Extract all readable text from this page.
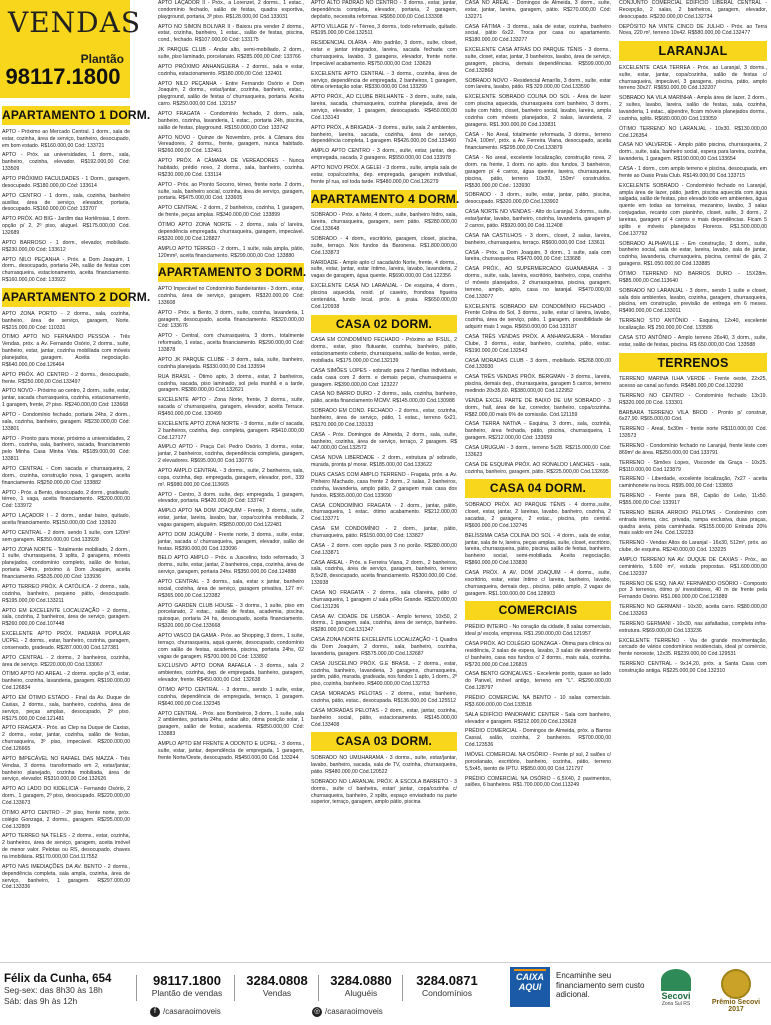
VENDAS
Plantão
98117.1800
APARTAMENTO 1 DORM.
APTO - Próximo ao Mercado Central. 1 dorm., sala de estar, cozinha, área de serviço, banheiro, desocupado, em bom estado. R$160.000,00 Cód: 133721
APTO - Próx. as universidades, 1 dorm., sala, banheiro, cozinha, elevador. R$192.000,00 Cód: 133509
APTO PRÓXIMO FACULDADES - 1 Dorm., garagem, desocupado. R$180.000,00 Cód: 133614
APTO CENTRO - 1 dorm., sala, cozinha, banheiro auxiliar, área de serviço, elevador, portaria, desocupado. R$160.000,00 Cód: 133707
APTO PRÓX. AO BIG - Jardim das Hortênsias, 1 dorm. opção p/ 2, 2º piso, aluguel. R$175.000,00 Cód. 132689
APTO BARROSO - 1 dorm., elevador, mobiliado. R$230.000,00 Cód: 133612
APTO NILO PEÇANHA - Próx. a Dom Joaquim, 1 dorm., desocupado, portaria 24h, salão de festas com churrasqueira, estacionamento, aceita financiamento. R$160.000,00 Cód: 133922
APARTAMENTO 2 DORM.
APTO ZONA PORTO - 2 dorms., sala, cozinha, banheiro, área de serviço, garagem, Norte. R$215.000,00 Cód: 110331
ÓTIMO APTO NO FERNANDO PESSOA - Três Vendas, próx. a Av. Fernando Osório, 2 dorms., suíte, banheiro, estar, jantar, cozinha mobiliada com móveis planejados, garagem. Aceita negociação. R$640.000,00 Cód.126464
APTO PRÓX. AO CENTRO - 2 dorms., desocupado, frente. R$250.000,00 Cód.133497
APTO NOVO - Próximo ao centro, 2 dorm., suíte, estar, jantar, sacada churrasqueira, cozinha, estacionamento, 1 garagem, frente, 2º piso. R$240.000,00 Cód: 133668
APTO - Condomínio fechado, portaria 24hs, 2 dorm., sala, cozinha, banheiro, garagem. R$230.000,00 Cód: 133801
APTO - Pronto para morar, próximo a universidades, 2 dorm., cozinha, sala, banheiro, sacada, financiamento pelo Minha Casa Minha Vida. R$189.000,00 Cód: 133811
APTO CENTRAL - Com sacada e churrasqueira, 2 dorm., cozinha, construção nova, 1 garagem, aceita financiamento. R$250.000,00 Cód: 133882
APTO - Próx. a Bento, desocupado, 2 dorm., gradeado, térreo, 1 vaga, aceita financiamento. R$200.000,00 Cód: 133972
APTO LAÇADOR I - 2 dorm., andar baixo, quitado, aceita financiamento. R$150.000,00 Cód: 133920
APTO CENTRAL - 2 dorm. sendo 1 suíte, com 120m² sem garagem. R$350.000,00 Cód.133928
APTO ZONA NORTE - Totalmente mobiliado, 2 dorm., 1 suíte, churrasqueira, 3 splits, 2 garagens, móveis planejados, condomínio completo, salão de festas, portaria 24hrs, próximo à Dom Joaquim, aceita financiamento. R$535.000,00 Cód: 133936
APTO TERREO PRÓX. À CATÓLICA - 2 dorms., sala, cozinha, banheiro, pequeno pátio, desocupado. R$195.000,00 Cód.133211
APTO EM EXCELENTE LOCALIZAÇÃO - 2 dorms., sala, cozinha, 2 banheiros, área de serviço, garagem. R$260.000,00 Cód.107448
EXCELENTE APTO PRÓX. PADARIA POPULAR UCPEL - 2 dorms., estar, banheiro, cozinha, garagem, conservado, gradeado. R$287.000,00 Cód.127381
APTO CENTRAL - 2 dorms., 2 banheiros, cozinha, área de serviço. R$220.000,00 Cód.133067
ÓTIMO APTO NO AREAL - 2 dorms. opção p/ 3, estar, banheiro, cozinha, lavanderia, garagem. R$190.000,00 Cód.126834
APTO EM ÓTIMO ESTADO - Final da Av. Duque de Caxias, 2 dorms., sala, banheiro, cozinha, área de serviço, peças amplas, desocupado, 2º piso. R$175.000,00 Cód.121481
APTO FRAGATA - Próx. ao Clep na Duque de Caxias, 2 dorms., estar, jantar, cozinha, salão de festas, churrasqueira, 3º piso, impecável. R$200.000,00 Cód.126665
APTO IMPECÁVEL NO RAFAEL DAS MAZZA - Três Vendas, 3 dorms. transformado em 2, estar/jantar, banheiro planejado, cozinha mobiliada, área de serviço, elevador. R$310.000,00 Cód.132626
APTO AO LADO DO KIDELICIA - Fernando Osório, 2 dorm., 1 garagem, 2º piso, desocupado. R$220.000,00 Cód.133673
ÓTIMO APTO CENTRO - 2º piso, frente norte, próx. colégio Gonzaga, 2 dorms., garagem. R$295.000,00 Cód.132809
APTO TERREO NA TELES - 2 dorms., estar, cozinha, 2 banheiros, área de serviço, garagem, aceita imóvel de menor valor. Pelotas ou RS, desocupado, chaves na imobiliária. R$170.000,00 Cód.117552
APTO NAS IMEDIAÇÕES DA AV. BENTO - 2 dorms., dependência completa, sala ampla, cozinha, área de serviço, banheiro, 1 garagem. R$297.000,00 Cód.133336
APTO LAÇADOR II - Próx., a Lorenzet, 2 dorms., 1 estac., condomínio fechado, salão de festas, quadra esportiva, playground, portaria, 3º piso. R$128.000,00 Cód.133031
APTO NO SIMON BOLIVAR II - Baixou pra vender 2 dorms., estar, cozinha, banheiro, 1 estac., salão de festas, piscina, cond., fechado. R$107.000,00 Cód: 133175
JK PARQUE CLUB - Andar alto, semi-mobiliado, 2 dorm., suíte, piso laminado, porcelanato. R$285.000,00 Cód: 133766
APTO PRÓXIMO ANHANGUERA - 2 dorms., sala e estar, cozinha, estacionamento. R$180.000,00 Cód: 132401
APTO NILO PEÇANHA - Entre Fernando Osório e Dom Joaquim, 2 dorms., estar/jantar, cozinha, banheiro, estac., playground, salão de festas c/ churrasqueira, portaria. Aceita carro. R$250.000,00 Cód. 132157
APTO FRAGATA - Condomínio fechado, 2 dorm., sala, banheiro, cozinha, lavanderia, 1 estac., portaria 24h, piscina, salão de festas, playground. R$150.000,00 Cód: 133742
APTO NOVO - Quinze de Novembro, próx. à Câmara dos Vereadores, 2 dorms., frente, garagem, nunca habitado. R$260.000,00 Cód. 132461
APTO PRÓX. A CÂMARA DE VEREADORES - Nunca habitado, prédio novo, 2 dorms., sala, banheiro, cozinha. R$230.000,00 Cód. 133114
APTO - Próx. ao Pronto Socorro, térreo, frente norte. 2 dorm., suíte, sala, banheiro social, cozinha, área de serviço, garagem, portaria. R$475.000,00 Cód. 133605
APTO CENTRAL - 2 dorm., 2 banheiros, cozinha, 1 garagem, de frente, peças amplas. R$340.000,00 Cód: 133899
ÓTIMO APTO ZONA NORTE - 2 dorms., sala c/ lareira, dependência empregada, churrasqueira, garagem, impecável. R$320.000,00 Cód.128827
AMPLO APTO TÉRREO - 2 dorm., 1 suíte, sala ampla, pátio, 120mm², aceita financiamento. R$299.000,00 Cód: 133880
APARTAMENTO 3 DORM.
APTO Impecável no Condomínio Bandeirantes - 3 dorm., estar, cozinha, área de serviço, garagem. R$320.000,00 Cód: 133608
APTO - Próx. a Bento, 3 dorm., suíte, cozinha, lavanderia, 1 garagem, desocupado, aceita financiamento. R$320.000,00 Cód: 133676
APTO - Central, com churrasqueira, 3 dorm., totalmente reformado, 1 estac., aceita financiamento. R$290.000,00 Cód: 133878
APTO JK PARQUE CLUBE - 3 dorm., sala, suíte, banheiro, cozinha planejada. R$330.000,00 Cód.133594
RUA BRASIL - Ótimo apto, 3 dorms., estar, 2 banheiros, cozinha, sacada, piso laminado, sol pela manhã e a tarde, garagem. R$380.000,00 Cód.132621
EXCELENTE APTO - Zona Norte, frente, 3 dorms., suíte, sacada c/ churrasqueira, garagem, elevador, aceita Terrace. R$450.000,00 Cód. 130499
EXCELENTE APTO ZONA NORTE - 3 dorms., suíte c/ sacada, 2 banheiros, cozinha, dep. completa, garagem. R$410.000,00 Cód.127177
AMPLO APTO - Praça Cel. Pedro Osório, 3 dorms., estar, jantar, 2 banheiros, cozinha, dependência completa, garagem, 2 elevadores. R$695.000,00 Cód.130776
APTO AMPLO CENTRAL - 3 dorms., suíte, 2 banheiros, sala, copa, cozinha, dep. empregada, garagem, elevador, port., 339 m². R$980.000,00 Cód.113665
APTO - Centro, 3 dorm. suíte, dep. empregada, 1 garagem, elevador, portaria. R$420.000,00 Cód: 133747
AMPLO APTO NA DOM JOAQUIM - Frente, 3 dorms., suíte, estar, jantar, lareira, lavabo, bar, copa/cozinha mobiliada, 2 vagas garagem, aluguém. R$850.000,00 Cód.122481
APTO DOM JOAQUIM - Frente norte, 3 dorms., suíte, estar, jantar, sacada c/ churrasqueira, garagem, elevador, salão de festas. R$390.000,00 Cód.133096
BELO APTO AMPLO - Próx. a Juscelino, todo reformado, 3 dorms., suíte, estar, jantar, 2 banheiros, copa, cozinha, área de serviço, garagem, portaria 24hs. R$350.000,00 Cód.124888
APTO CENTRAL - 3 dorms., sala, estar x jantar, banheiro social, cozinha, área de serviço, garagem privativa, 127 m². R$365.000,00 Cód.123382
APTO GARDEN CLUB HOUSE - 3 dorms., 1 suíte, piso em porcelanato, 2 estac., salão de festas, academia, piscina, quiosque, portaria 24 hs, desocupado, aceita financiamento. R$320.000,00 Cód.133668
APTO VASCO DA GAMA - Próx. ao Shopping, 3 dorm., 1 suíte, terraço, churrasqueira, aquá quente, desocupado, condomínio com salão de festas, academia, piscina, portaria 24hs, 02 vagas de garagem. R$700.000,00 Cód: 133892
EXCLUSIVO APTO DONA RAFAELA - 3 dorms., sala 2 ambientes, cozinha, dep. de empregada, banheiro, garagem, elevador, frente. R$450.000,00 Cód. 132638
ÓTIMO APTO CENTRAL - 3 dorms., sendo 1 suíte, estar, cozinha, dependência de empregada, terraço, 1 garagem. R$640.000,00 Cód.132345
APTO CENTRAL - Próx. aos Bombeiros, 3 dorm., 1 suíte, sala 2 ambientes, portaria 24hs, andar alto, ótima posição solar, 1 garagem, salão de festas, academia. R$850.000,00 Cód: 133883
AMPLO APTO EM FRENTE A ODONTO E UCPEL - 3 dorms., suíte, estar, jantar, dependência de empregada, 1 garagem, frente Norte/Oeste, desocupado. R$450.000,00 Cód. 133244
APTO ALTO PADRÃO NO CENTRO - 3 dorms., estar, jantar, dependência completa, elevador, portaria, 2 garagem, depósito, necessita reformas. R$950.000,00 Cód.133308
APTO VILLAGE IV - Térreo, 3 dorms., todo reformado, quitado. R$195.000,00 Cód.132511
RESIDENCIAL OLÁRIA - Alto padrão, 3 dorm., suíte, closet, estar e jantar integrados, lareira, sacada fechada com churrasqueira, lavabo, 3 garagens, elevador, frente norte. Impecável acabamento. R$750.000,00 Cód: 133629
EXCELENTE APTO CENTRAL - 3 dorms., cozinha, área de serviço, dependência de empregada, 2 banheiros, 1 garagem, ótima orientação solar. R$330.000,00 Cód.133299
APTO PRÓX., AO CLUBE BRILHANTE - 3 dorm., suíte, sala, lareira, sacada, churrasqueira, cozinha planejada, área de serviço, elevador, 1 garagem, desocupado. R$450.000,00 Cód.133143
APTO PRÓX., A BRIGADA - 3 dorms., suíte, sala 2 ambientes, banheiro, lareira, sacada, cozinha, área de serviço, dependência completa, 1 garagem. R$426.000,00 Cód.133460
AMPLO APTO CENTRO - 3 dorm., suíte, estar, jantar, dep. empregada, sacada, 2 garagens. R$550.000,00 Cód.133978
APTO NOVO PRÓX. A GELEI - 3 dorms., suíte, ampla sala de estar, copa/cozinha, dep. empregada, garagem individual, frente p/ rua, sol toda tarde. R$480.000,00 Cód.126279
APARTAMENTO 4 DORM.
SOBRADO - Próx. a Neto, 4 dorm., suíte, banheiro hidro, sala, lareira, churrasqueira, garagem, sem pátio. R$280.000,00 Cód.133648
SOBRADO - 4 dorm., escritório, garagem, closet, piscina, suíte, terraço. Nos fundos da Baronesa. R$1.800.000,00 Cód.133873
RARIDADE - Amplo apto c/ sacada/do Norte, frente, 4 dorms., suíte, estar, jantar, estar íntimo, lareira, lavabo, lavanderia, 2 vagas de garagem, água quente. R$690.000,00 Cód.122356
EXCELENTE CASA NO LARANJAL - De esquina, 4 dorm., piscina aquecida, resid. p/ caseiro, frondosa figueira centenária, fundo local, próx. à praia. R$650.000,00 Cód.120938
CASA 02 DORM.
CASA EM CONDOMÍNIO FECHADO - Próximo ao IFSUL, 2 dorms., estar, piso flutuante, cozinha, banheiro, pátio, estacionamento coberto, churrasqueira, salão de festas, verde, mobiliada. R$175.000,00 Cód.132139
CASA SIMÕES LOPES - sobrado para 2 famílias individuais, cada casa com 2 dorm. e demais peças, churrasqueira e garagem. R$390.000,00 Cód: 123227
CASA NO BARRO DURO - 2 dorms., sala, cozinha, banheiro, pátio, aceita financiamento MCMV. R$145.000,00 Cód.130988
SOBRADO EM COND. FECHADO - 2 dorms., estar, cozinha, banheiro, área de serviço, pátio, 1 estac., terreno 6x21. R$170.000,00 Cód.133133
CASA - Próx. Domingos de Almeida, 2 dorm., sala, suíte, banheiro, cozinha, área de serviço, terraço, 2 garagem. R$ 447.000,00 Cód.132572
CASA NOVA LIBERDADE - 2 dorm., estrutura p/ sobrado, murada, pronta p/ morar. R$185.000,00 Cód.133622
DUAS CASAS COM AMPLO TERRENO - Fragata, próx. a Av. Pinheiro Machado, casa frente 2 dorm., 2 salas, 2 banheiros, cozinha, lavanderia, amplo pátio, 2 garagem mais casa dos fundos. R$365.000,00 Cód.133690
CASA CONDOMÍNIO FRAGATA - 2 dorm., jantar, pátio, churrasqueira, 1 estac. ótimo acabamento. R$212.000,00 Cód.133771
CASA EM CONDOMÍNIO - 2 dorm., jantar, pátio, churrasqueira, pátio. R$150.000,00 Cód: 133827
CASA - 2 dorm. com opção para 3 no porão. R$280.000,00 Cód.133871
CASA AREAL - Próx. a Ferreira Viana, 2 dorm., 2 banheiros, sala, cozinha, área de serviço, garagem, banheiro, terreno 8,5x28, desocupado, aceita financiamento. R$300.000,00 Cód. 133938
CASA NO FRAGATA - 2 dorms., sala c/lareira, pátio c/ churrasqueira, 1 garagem c/ sala p/Rio Grande. R$320.000,00 Cód.131236
CASA AV. CIDADE DE LISBOA - Amplo terreno, 10x50, 2 dorms., 1 garagem, sala, cozinha, área de serviço, banheiro. R$280.000,00 Cód.131347
CASA ZONA NORTE EXCELENTE LOCALIZAÇÃO - 1 Quadra da Dom Joaquim, 2 dorms., sala, banheiro, cozinha, lavanderia, garagem. R$575.000,00 Cód.132687
CASA JUSCELINO PRÓX. G.E BRASIL - 2 dorms., estar, cozinha, banheiro, lavanderia, 3 garagens, churrasqueira, jardim, pátio, murada, gradeada, nos fundos 1 apto, 1 dorm., 2º piso, cozinha, banheiro. R$400.000,00 Cód.132753
CASA MORADAS PELOTAS - 2 dorms., estar, banheiro, cozinha, pátio, estac., desocupada. R$136.000,00 Cód.125512
CASA MORADAS PELOTAS - 2 dorm., estar, jantar, cozinha, banheiro social, pátio, estacionamento. R$145.000,00 Cód.133408
CASA 03 DORM.
SOBRADO NO UMUHARAMA - 3 dorms., suíte, estar/jantar, lavabo, banheiro, sacada, sala de TV, cozinha, churrasqueira, pátio. R$480.000,00 Cód.120522
SOBRADO NO LARANJAL PRÓX. A ESCOLA BARRETO - 3 dorms., suíte c/ banheira, estar/ jantar, copa/cozinha c/ churrasqueira, banheiro, 2 splits, espaço enviadrado na parte superior, terraço, garagem, amplo pátio, piscina
CASA NO AREAL - Domingos de Almeida, 3 dorm., suíte, estar, jantar, lareira, garagem, pátio. R$270.000,00 Cód: 132271
CASA FÁTIMA - 3 dorms., sala de estar, cozinha, banheiro social, pátio 6x22. Troca por casa ou apartamento. R$180.000,00 Cód.133277
EXCELENTE CASA ATRÁS DO PARQUE TÊNIS - 3 dorms., suíte, closet, estar, jantar, 3 banheiros, lavabo, área de serviço, garagem, piscina, demais dependências. R$599.000,00 Cód.132868
SOBRADO NOVO - Residencial Amarílis, 3 dorm., suíte, estar com lareira, lavabo, pátio. R$ 329.000,00 Cód.133590
EXCELENTE SOBRADO COLINA DO SOL - Área de lazer com piscina aquecida, churrasqueira com banheiro, 3 dorm., suíte com hidro, closet, banheiro social, lavabo, lareira, ampla cozinha com móveis planejados, 2 salas, lavanderia, 2 garagens. R$1.300.000,00 Cód.133831
CASA - No Areal, totalmente reformada, 3 dorms., terreno 7x24, 100m², próx. a Av. Ferreira Viana, desocupado, aceita financiamento. R$295.000,00 Cód.133879
CASA - No areal, excelente localização, construção nova, 2 dorm. na frente, 1 dorm. no apto. dos fundos, 3 banheiros, garagem p/ 4 carros, água quente, lareira, churrasqueira, piscina, pátio, terreno 10x30, 150m² construídos. R$530.000,00 Cód.: 133930
SOBRADO - 3 dorm., suíte, estar, jantar, pátio, piscina, desocupado. R$320.000,00 Cód.133902
CASA NORTE NO VENDAS - Alto do Laranjal, 3 dorms., suíte, estar/jantar, lavabo, banheiro, cozinha, lavanderia, garagem p/ 2 carros, pátio. R$920.000,00 Cód.112408
CASA NA CASTILHOS - 3 dorm., closet, 2 salas, lareira, banheiro, churrasqueira, terraço. R$600.000,00 Cód: 133611
CASA - Próx. a Dom Joaquim, 3 dorm., 1 suíte, sala com lareira, churrasqueira. R$470.000,00 Cód: 133688
CASA PRÓX., AO SUPERMERCADO GUANABARA - 3 dorms., suíte, sala, lareira, escritório, banheiro, copa, cozinha c/ móveis planejados, 2 churrasqueiras, piscina, garagem, terreno, amplo, apto, casa no laranjal. R$470.000,00 Cód.133077
EXCELENTE SOBRADO EM CONDOMÍNIO FECHADO - Frente Colina do Sol, 3 dorms., suíte, estar c/ lareira, lavabo, cozinha, área de serviço, pátio, 1 garagem, possibilidade de adquirir mais 1 vaga. R$650.000,00 Cód.133187
CASA TRÊS VENDAS PRÓX. A ANHANGUERA - Moradas Clube, 3 dorms., estar, banheiro, cozinha, pátio, estac. R$190.000,00 Cód.132543
CASA MORADAS CLUB - 3 dorm., mobiliado. R$268.000,00 Cód.133930
CASA TRÊS VENDAS PRÓX. BERGMAN - 3 dorms., lareira, piscina, demais dep., churrasqueira, garagem 5 carros, terreno medindo 20x35,60. R$380.000,00 Cód.122952
VENDA EXCEL PARTE DE BAIXO DE UM SOBRADO - 3 dorm., hall, área de luz, corredor, banheiro, copa/cozinha. R$82.000,00 mais 6% de comissão. Cód.121159
CASA TERRA NATIVA - Esquina, 3 dorm., sala, cozinha, banheiro, área fechada, pátio, piscina, churrasqueira, 1 garagem. R$212.000,00 Cód: 133659
CASA URUGUAI - 3 dorm., terreno 5x28. R$215.000,00 Cód: 133623
CASA DE ESQUINA PRÓX. AO RONALDO LANCHES - sala, cozinha, banheiro, garagem, pátio. R$225.000,00 Cód.132695
CASA 04 DORM.
SOBRADO PRÓX. AO PARQUE TÊNIS - 4 dorms.,suíte, closet, estar, jantar, 2 lareiras, lavabo, banheiro, cozinha, 2 sacadas, 2 garagens, 2 estac., piscina, pto central. R$600.000,00 Cód.132745
BELÍSSIMA CASA COLINA DO SOL - 4 dorm., sala de estar, jantar, sala de tv, lareira, peças amplas, suíte, closet, escritório, lareira, churrasqueira, pátio, piscina, salão de festas, banheiro, banheiro social, semi-mobiliada. Aceita negociação. R$860.000,00 Cód.133830
CASA PRÓX. A AV. DOM JOAQUIM - 4 dorms., suíte, escritório, estar, estar íntimo c/ lareira, banheiro, lavabo, churrasqueira, demais dep., piscina, pátio amplo, 2 vagas de garagem. R$1.100.000,00 Cód.128903
COMERCIAIS
PRÉDIO INTEIRO - No coração da cidade, 8 salas comerciais, ideal p/ escola, empresa. R$1.290.000,00 Cód.121957
CASA PRÓX. AO COLÉGIO GONZAGA - Ótima para clínica ou residência, 2 salas de espera, lavabo, 3 salas de atendimento c/ banheiro, casa nos fundos c/ 2 dorms., mais sala, cozinha. R$720.000,00 Cód.126815
CASA BENTO GONÇALVES - Excelente ponto, quase ao lado do Panvel, imóvel antigo, terreno em "L". R$290.000,00 Cód.128797
PRÉDIO COMERCIAL NA BENTO - 10 salas comerciais. R$3.600.000,00 Cód.133518
SALA EDIFÍCIO PANORAMIC CENTER - Sala com banheiro, elevador e garagem. R$212.000,00 Cód.133628
PRÉDIO COMERCIAL - Domingos de Almeida, próx. a Barros Cassal, salão, cozinha, 2 banheiros. R$700.000,00 Cód.123536
IMÓVEL COMERCIAL NA OSÓRIO - Frente p/ sul, 2 salões c/ porcelanato, escritório, banheiro, cozinha, pátio, terreno 5,5x45, isento de IPTU. R$850.000,00 Cód.121797
PRÉDIO COMERCIAL NA OSÓRIO - 6,5X40, 2 pavimentos, salões, 6 banheiros. R$1.700.000,00 Cód.113249
CONJUNTO COMERCIAL EDIFÍCIO LIBERAL CENTRAL - Recepção, 2 salas, 2 banheiros, garagem, elevador, desocupado. R$230.000,00 Cód.132734
DEPÓSITO NA VINTE CINCO DE JULHO - Próx. ao Terra Nova, 220 m², terreno 10x42. R$580.000,00 Cód.132477
LARANJAL
EXCELENTE CASA TERREA - Próx. ao Laranjal, 3 dorms., suíte, estar, jantar, copa/cozinha, salão de festas c/ churrasqueira, impecável, 3 garagens, piscina, pátio, amplo terreno 30x27. R$650.000,00 Cód.132207
SOBRADO NA VILA MARINHA - Ampla área de lazer, 2 dorm., 2 suítes, lavabo, lareira, salão de festas, sala, cozinha, lavanderia, 1 estac., alpendre, ficam móveis planejados dorms., cozinha, splits. R$680.000,00 Cód.133059
ÓTIMO TERRENO NO LARANJAL - 10x30. R$130.000,00 Cód.126354
CASA NO VALVERDE - Amplo pátio piscina, churrasqueira, 2 dorm., suíte, sala, banheiro social, espera para lareira, cozinha, lavanderia, 1 garagem. R$190.000,00 Cód.133654
CASA - 1 dorm., com amplo terreno e piscina, desocupada, em frente ao Oasis Praia Club. R$149.000,00 Cód.133715
EXCELENTE SOBRADO - Condomínio fechado no Laranjal, ampla área de lazer, pátio, jardim, piscina aquecida com água salgada, salão de festas, piso elevado todo em ambientes, água quente em todas as torneiras, mezanino, lavabo, 3 salas conjugadas, recanto com pianinho, closet, suíte, 3 dorm., 2 lareiras, garagem p/ 4 carros e mais dependências. Ficam 5 splits e móveis planejados Floreros. R$1.500.000,00 Cód.137792
SOBRADO ALPHAVILLE - Em construção, 3 dorm., suíte, banheiro social, sala de estar, lareira, lavabo, sala de jantar, cozinha, lavanderia, churrasqueira, piscina, central de gás, 2 garagens. R$1.050.000,00 Cód.133885
ÓTIMO TERRENO NO BARROS DURO - 15X28m. R$85.000,00 Cód.113640
SOBRADO NO LARANJAL - 3 dorm., sendo 1 suíte e closet, sala dois ambientes, lavabo, cozinha, garagem, churrasqueira, piscina, em construção, previsão de entrega em 6 meses. R$490.000,00 Cód.133011
TERRENO STO ANTÔNIO - Esquina, 12x40, excelente localização. R$ 250.000,00 Cód. 133586
CASA STO ANTÔNIO - Amplo terreno 26x40, 3 dorm., suíte, estar, salão de festas, piscina. R$ 650.000,00 Cód. 133588
TERRENOS
TERRENO MARINA ILHA VERDE - Frente oeste, 22x25, acesso ao canal ao fundo. R$480.000,00 Cód.132290
TERRENO NO CENTRO - Condomínio fechado 13x19. R$320.000,00 Cód. 133301
BARBARA TERRENO VILA BROD - Pronto p/ construir, 6x27,90. R$65.000,00 Cód.
TERRENO - Areal, 5x30m - frente norte R$110.000,00 Cód. 133573
TERRENO - Condomínio fechado no Laranjal, frente leste com 869m² de área. R$250.000,00 Cód.133791
TERRENO - Simões Lopes, Visconde da Graça - 10x25. R$110.000,00 Cód.123879
TERRENO - Liberdade, excelente localização, 7x27 - aceita caminhonete na troca. R$95.000,00 Cód: 133893
TERRENO - Frente para BR, Capão do Leão, 11x50. R$55.000,00 Cód: 133917
TERRENO BEIRA ARROIO PELOTAS - Condomínio com entrada interna, cisc. privada, rampa exclusiva, duas praças, quadra areia, pista caminhada. R$155.000,00 Entrada 20% mais saldo em 24x. Cód.132233
TERRENO - Vendas Altos do Laranjal - 16x30, 512m², próx. ao clube, de esquina. R$240.000,00 Cód. 133225
AMPLO TERRENO NA AV. DUQUE DE CAXIAS - Próx., ao cemintério, 5.600 m², estuda propostas. R$1.600.000,00 Cód.132337
TERRENO DE ESQ. NA AV. FERNANDO OSÓRIO - Composto por 3 terrenos, ótimo p/ investidores, 40 m de frente pela Fernando Osório. R$1.060.000,00 Cód.121889
TERRENO NO GERMANI - 10x30, aceita carro. R$80.000,00 Cód.133263
TERRENO GERMANI - 10x30, nas asfaltadas, completa infra-estrutura. R$69.000,00 Cód.133236
EXCELENTE TERRENO - Via de grande movimentação, cercado de vários condomínios residenciais, ideal p/ comércio, frente noroeste, 12x35. R$239.000,00 Cód.129531
TERRENO CENTRAL - 9x14,20, próx. a Santa Casa com construção antiga. R$225.000,00 Cód.132310
Félix da Cunha, 654
Seg-sex: das 8h30 às 18h
Sáb: das 9h às 12h
98117.1800
Plantão de vendas
3284.0808
Vendas
3284.0880
Aluguéis
3284.0871
Condomínios
f /casaraoimoveis	◎ /casaraoimoveis
CAIXA AQUI
Encaminhe seu financiamento sem custo adicional.	Secovi
Zona Sul RS	Prêmio Secovi 2017
